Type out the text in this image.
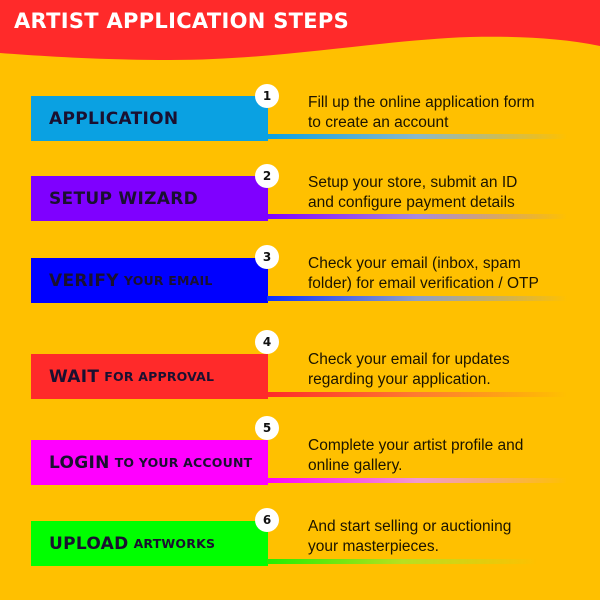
ARTIST APPLICATION STEPS
APPLICATION
1	Fill up the online application form
to create an account
SETUP WIZARD
2	Setup your store, submit an ID
and configure payment details
VERIFY YOUR EMAIL
3	Check your email (inbox, spam
folder) for email verification / OTP
WAIT FOR APPROVAL
4
Check your email for updates
regarding your application.
LOGIN TO YOUR ACCOUNT
5
Complete your artist profile and
online gallery.
UPLOAD ARTWORKS
6	And start selling or auctioning
your masterpieces.
